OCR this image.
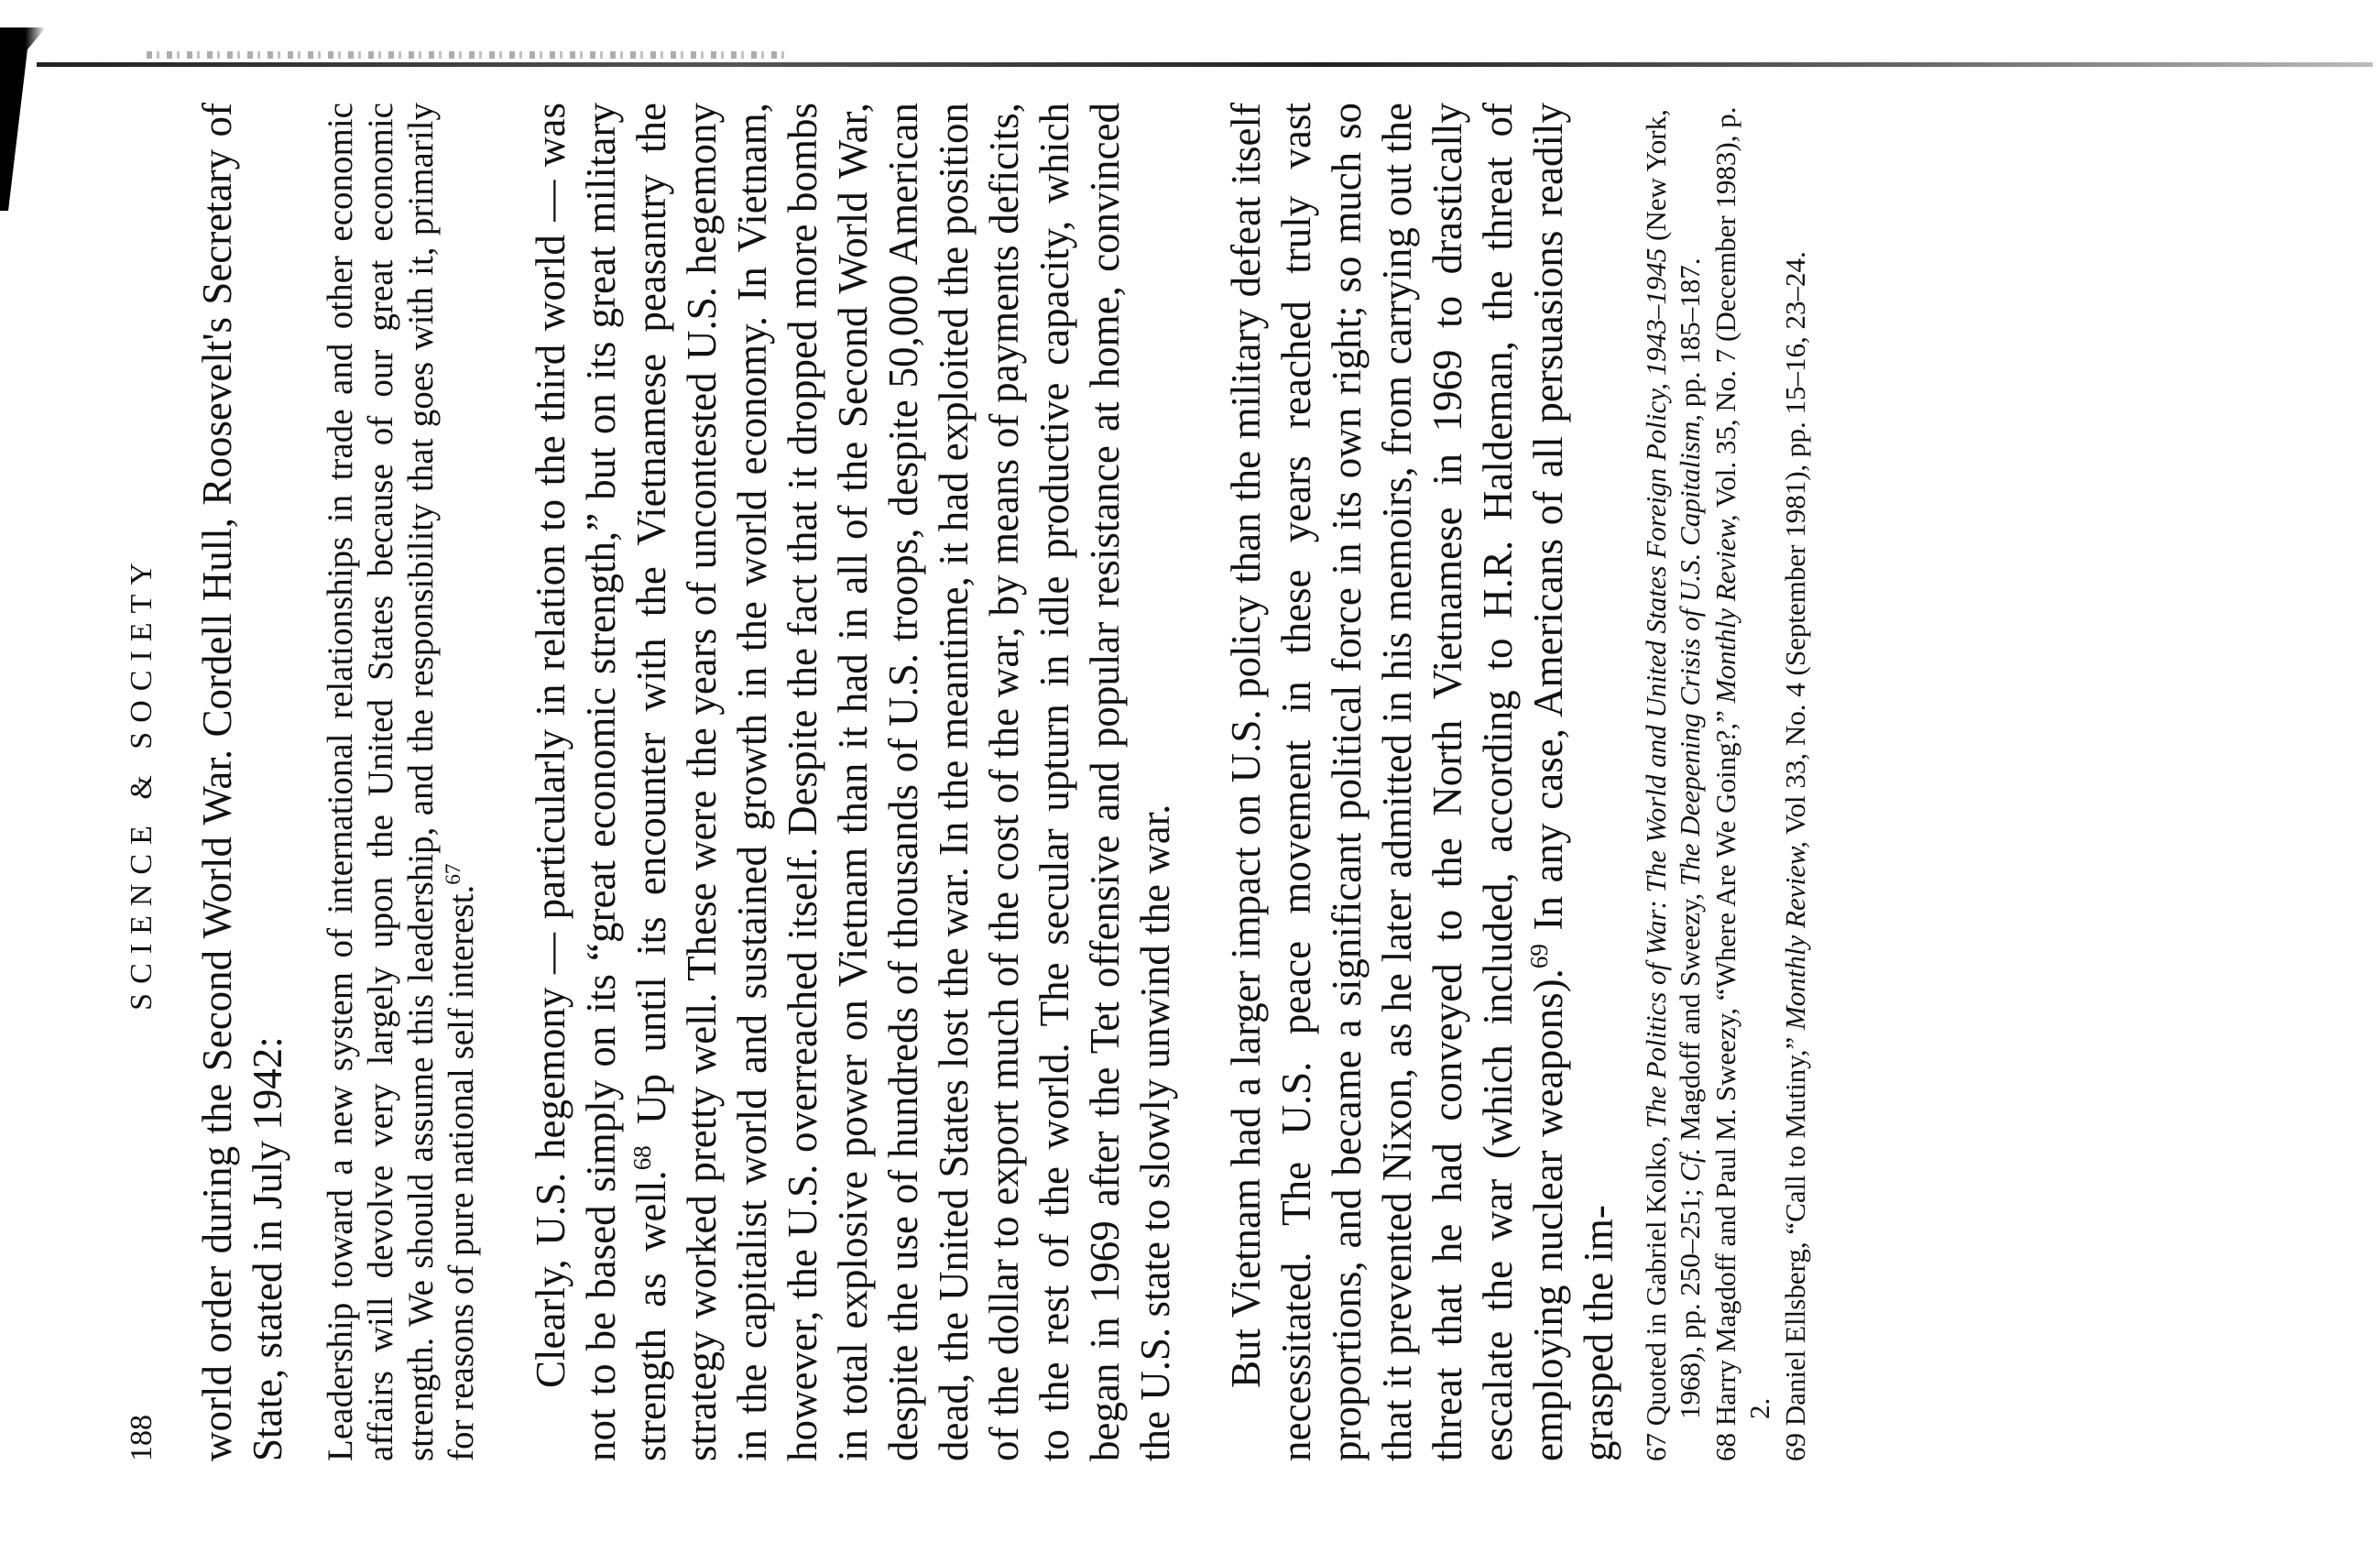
188
SCIENCE & SOCIETY world order during the Second World War. Cordell Hull, Roosevelt's Secretary of State, stated in July 1942: Leadership toward a new system of international relationships in trade and other economic affairs will devolve very largely upon the United States because of our great economic strength. We should assume this leadership, and the responsibility that goes with it, primarily for reasons of pure national self interest.$^{67}$	Clearly, U.S. hegemony — particularly in relation to the third world — was not to be based simply on its “great economic strength,” but on its great military strength as well.$^{68}$ Up until its encounter with the Vietnamese peasantry the strategy worked pretty well. These were the years of uncontested U.S. hegemony in the capitalist world and sustained growth in the world economy. In Vietnam, however, the U.S. overreached itself. Despite the fact that it dropped more bombs in total explosive power on Vietnam than it had in all of the Second World War, despite the use of hundreds of thousands of U.S. troops, despite 50,000 American dead, the United States lost the war. In the meantime, it had exploited the position of the dollar to export much of the cost of the war, by means of payments deficits, to the rest of the world. The secular upturn in idle productive capacity, which began in 1969 after the Tet offensive and popular resistance at home, convinced the U.S. state to slowly unwind the war. But Vietnam had a larger impact on U.S. policy than the military defeat itself necessitated. The U.S. peace movement in these years reached truly vast proportions, and became a significant political force in its own right; so much so that it prevented Nixon, as he later admitted in his memoirs, from carrying out the threat that he had conveyed to the North Vietnamese in 1969 to drastically escalate the war (which included, according to H.R. Haldeman, the threat of employing nuclear weapons).$^{69}$ In any case, Americans of all persuasions readily grasped the im- 67 Quoted in Gabriel Kolko, The Politics of War: The World and United States Foreign Policy, 1943–1945 (New York, 1968), pp. 250–251; Cf. Magdoff and Sweezy, The Deepening Crisis of U.S. Capitalism, pp. 185–187.

68 Harry Magdoff and Paul M. Sweezy, “Where Are We Going?,” Monthly Review, Vol. 35, No. 7 (December 1983), p. 2.

69 Daniel Ellsberg, “Call to Mutiny,” Monthly Review, Vol 33, No. 4 (September 1981), pp. 15–16, 23–24.
